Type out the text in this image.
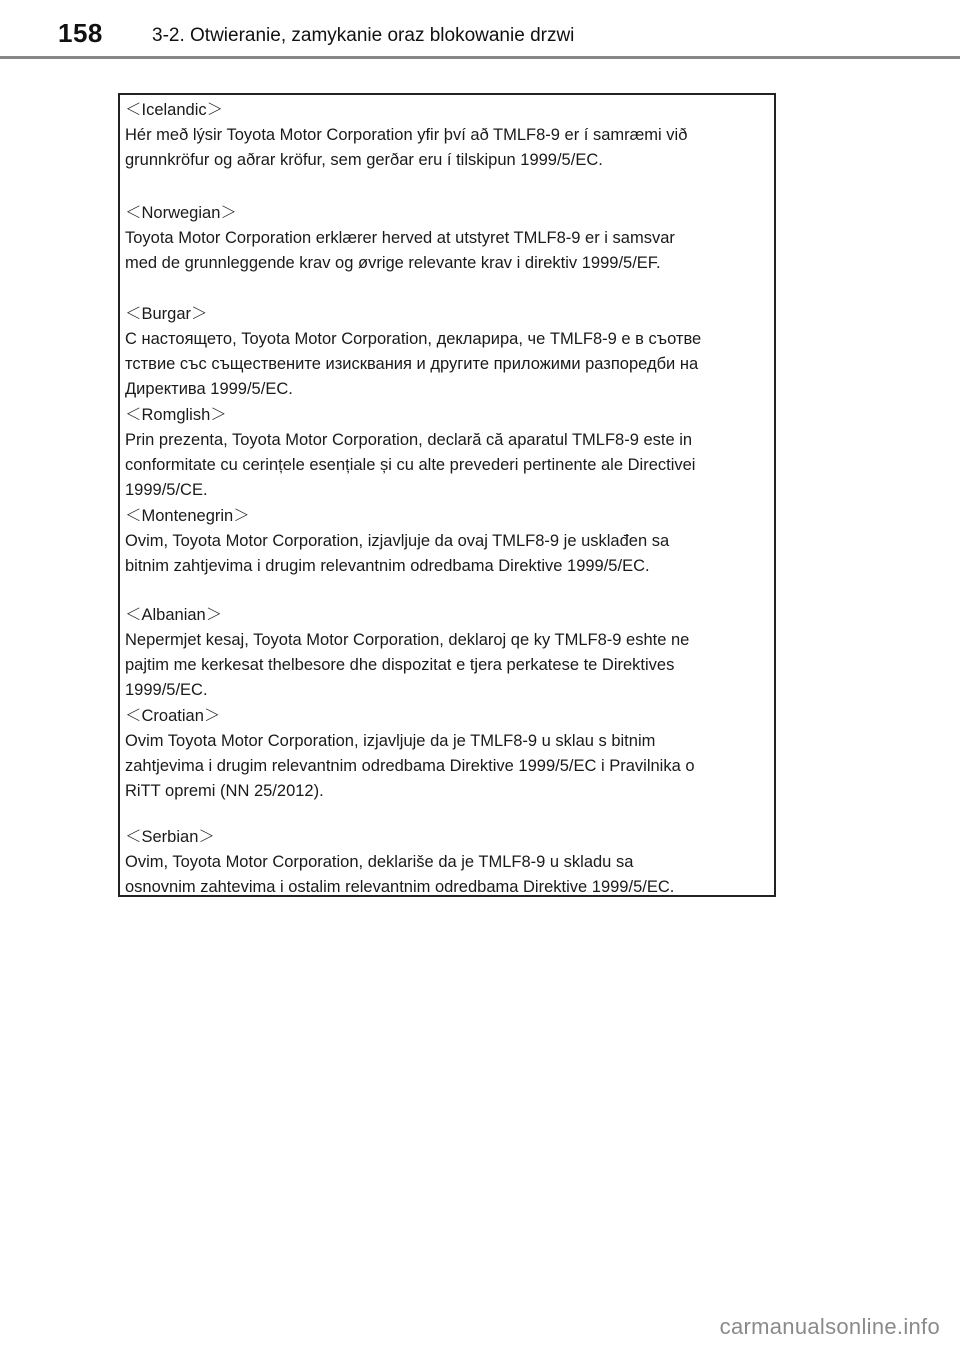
158	3-2. Otwieranie, zamykanie oraz blokowanie drzwi
＜Icelandic＞
Hér með lýsir Toyota Motor Corporation yfir því að TMLF8-9 er í samræmi við
grunnkröfur og aðrar kröfur, sem gerðar eru í tilskipun 1999/5/EC.
＜Norwegian＞
Toyota Motor Corporation erklærer herved at utstyret TMLF8-9 er i samsvar
med de grunnleggende krav og øvrige relevante krav i direktiv 1999/5/EF.
＜Burgar＞
С настоящето, Toyota Motor Corporation, декларира, че TMLF8-9 е в съотве
тствие със съществените изисквания и другите приложими разпоредби на
Директива 1999/5/EC.
＜Romglish＞
Prin prezenta, Toyota Motor Corporation, declară că aparatul TMLF8-9 este in
conformitate cu cerințele esențiale și cu alte prevederi pertinente ale Directivei
1999/5/CE.
＜Montenegrin＞
Ovim, Toyota Motor Corporation, izjavljuje da ovaj TMLF8-9 je usklađen sa
bitnim zahtjevima i drugim relevantnim odredbama Direktive 1999/5/EC.
＜Albanian＞
Nepermjet kesaj, Toyota Motor Corporation, deklaroj qe ky TMLF8-9 eshte ne
pajtim me kerkesat thelbesore dhe dispozitat e tjera perkatese te Direktives
1999/5/EC.
＜Croatian＞
Ovim Toyota Motor Corporation, izjavljuje da je TMLF8-9 u sklau s bitnim
zahtjevima i drugim relevantnim odredbama Direktive 1999/5/EC i Pravilnika o
RiTT opremi (NN 25/2012).
＜Serbian＞
Ovim, Toyota Motor Corporation, deklariše da je TMLF8-9 u skladu sa
osnovnim zahtevima i ostalim relevantnim odredbama Direktive 1999/5/EC.
carmanualsonline.info
